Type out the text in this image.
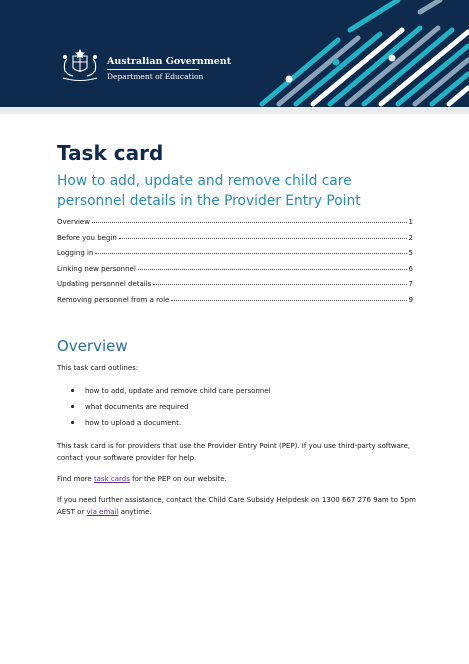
Australian Government
Department of Education
Task card
How to add, update and remove child care personnel details in the Provider Entry Point
Overview	1
Before you begin	2
Logging in	5
Linking new personnel	6
Updating personnel details	7
Removing personnel from a role	9
Overview

This task card outlines:

how to add, update and remove child care personnel
what documents are required
how to upload a document.

This task card is for providers that use the Provider Entry Point (PEP). If you use third-party software, contact your software provider for help.

Find more task cards for the PEP on our website.

If you need further assistance, contact the Child Care Subsidy Helpdesk on 1300 667 276 9am to 5pm AEST or via email anytime.
